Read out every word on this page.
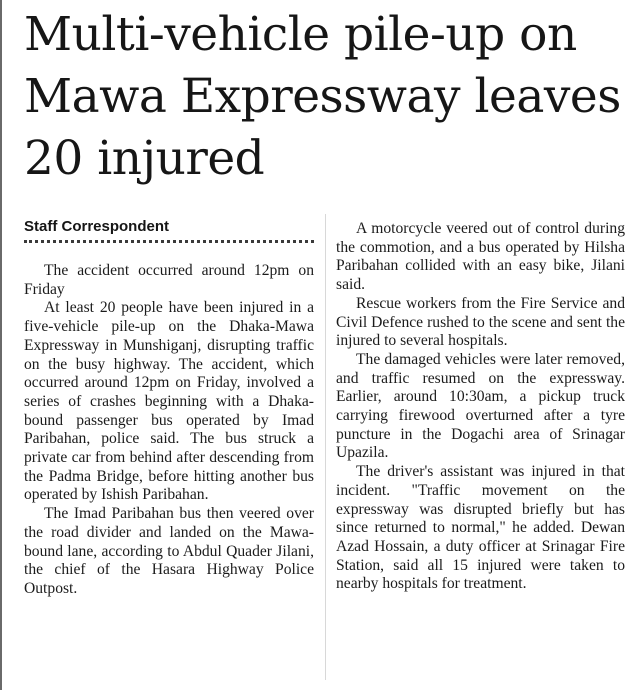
Multi-vehicle pile-up on Mawa Expressway leaves 20 injured
Staff Correspondent

The accident occurred around 12pm on Friday

At least 20 people have been injured in a five-vehicle pile-up on the Dhaka-Mawa Expressway in Munshiganj, disrupting traffic on the busy highway. The accident, which occurred around 12pm on Friday, involved a series of crashes beginning with a Dhaka-bound passenger bus operated by Imad Paribahan, police said. The bus struck a private car from behind after descending from the Padma Bridge, before hitting another bus operated by Ishish Paribahan.

The Imad Paribahan bus then veered over the road divider and landed on the Mawa-bound lane, according to Abdul Quader Jilani, the chief of the Hasara Highway Police Outpost.

A motorcycle veered out of control during the commotion, and a bus operated by Hilsha Paribahan collided with an easy bike, Jilani said.

Rescue workers from the Fire Service and Civil Defence rushed to the scene and sent the injured to several hospitals.

The damaged vehicles were later removed, and traffic resumed on the expressway. Earlier, around 10:30am, a pickup truck carrying firewood overturned after a tyre puncture in the Dogachi area of Srinagar Upazila.

The driver's assistant was injured in that incident. "Traffic movement on the expressway was disrupted briefly but has since returned to normal," he added. Dewan Azad Hossain, a duty officer at Srinagar Fire Station, said all 15 injured were taken to nearby hospitals for treatment.
